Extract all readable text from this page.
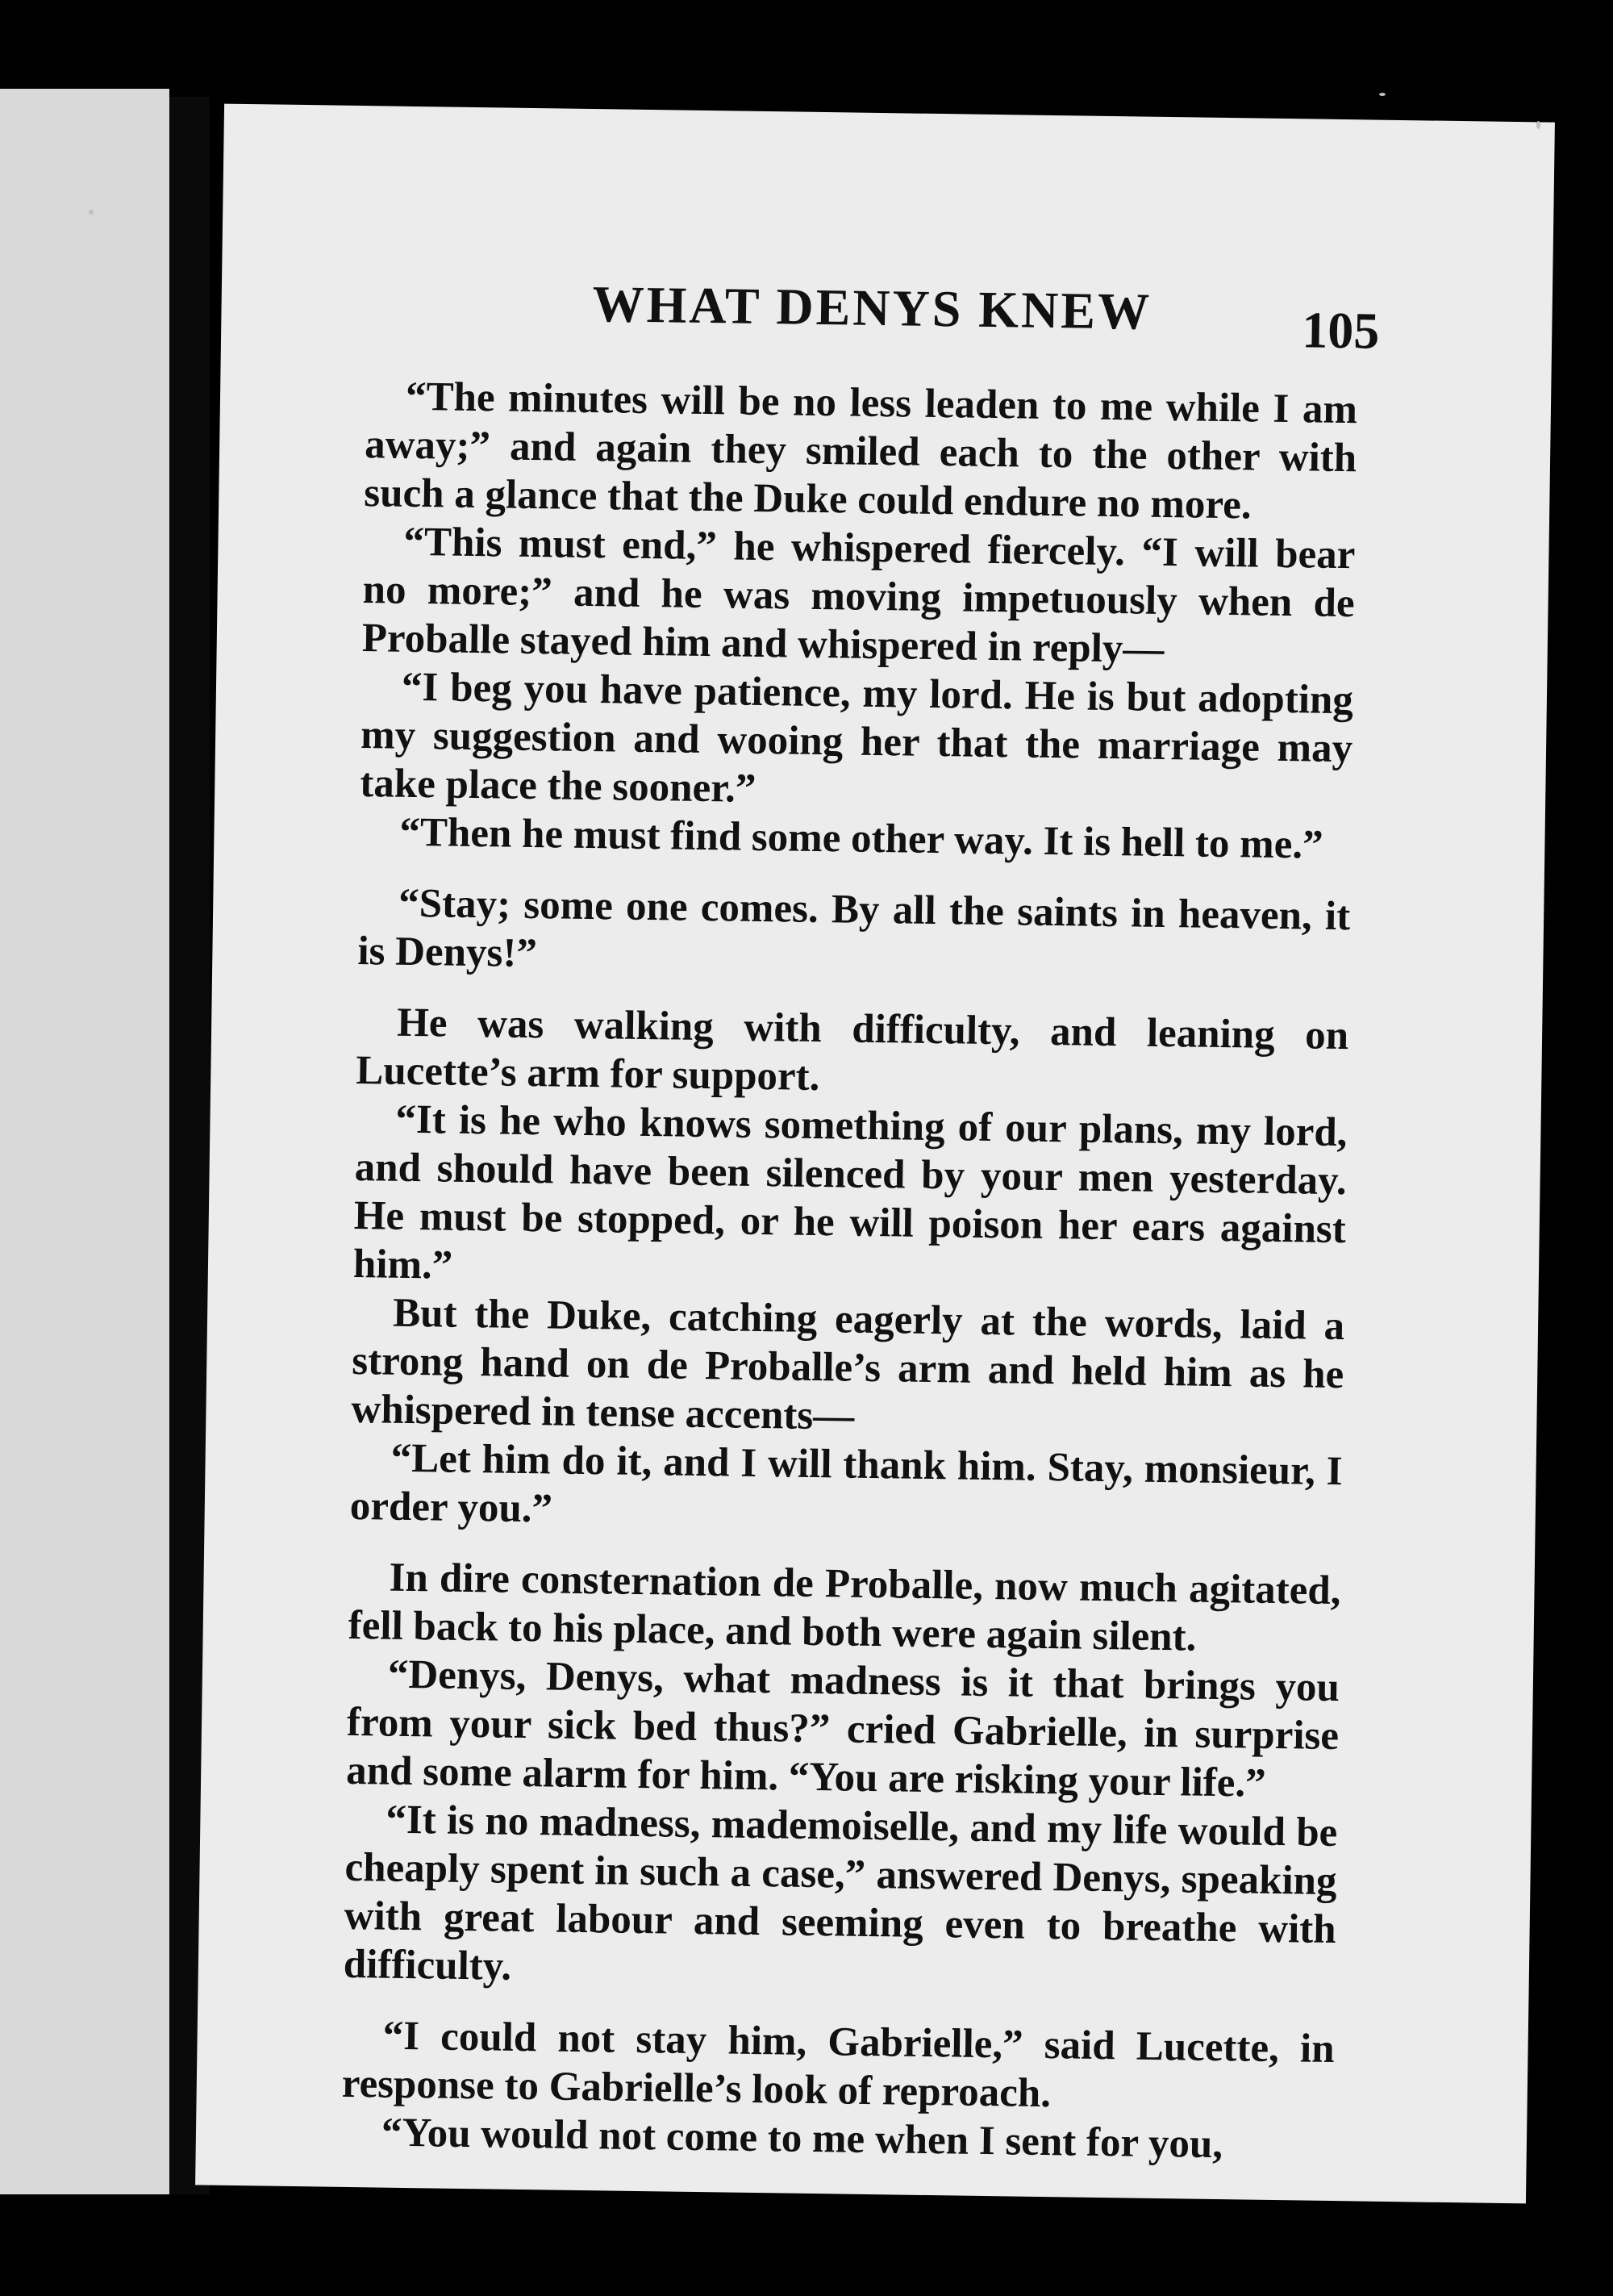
WHAT DENYS KNEW	105

“The minutes will be no less leaden to me while I am away;” and again they smiled each to the other with such a glance that the Duke could endure no more.

“This must end,” he whispered fiercely. “I will bear no more;” and he was moving impetuously when de Proballe stayed him and whispered in reply—

“I beg you have patience, my lord. He is but adopting my suggestion and wooing her that the marriage may take place the sooner.”

“Then he must find some other way. It is hell to me.”

“Stay; some one comes. By all the saints in heaven, it is Denys!”

He was walking with difficulty, and leaning on Lucette’s arm for support.

“It is he who knows something of our plans, my lord, and should have been silenced by your men yesterday. He must be stopped, or he will poison her ears against him.”

But the Duke, catching eagerly at the words, laid a strong hand on de Proballe’s arm and held him as he whispered in tense accents—

“Let him do it, and I will thank him. Stay, monsieur, I order you.”

In dire consternation de Proballe, now much agitated, fell back to his place, and both were again silent.

“Denys, Denys, what madness is it that brings you from your sick bed thus?” cried Gabrielle, in surprise and some alarm for him. “You are risking your life.”

“It is no madness, mademoiselle, and my life would be cheaply spent in such a case,” answered Denys, speaking with great labour and seeming even to breathe with difficulty.

“I could not stay him, Gabrielle,” said Lucette, in response to Gabrielle’s look of reproach.

“You would not come to me when I sent for you,
